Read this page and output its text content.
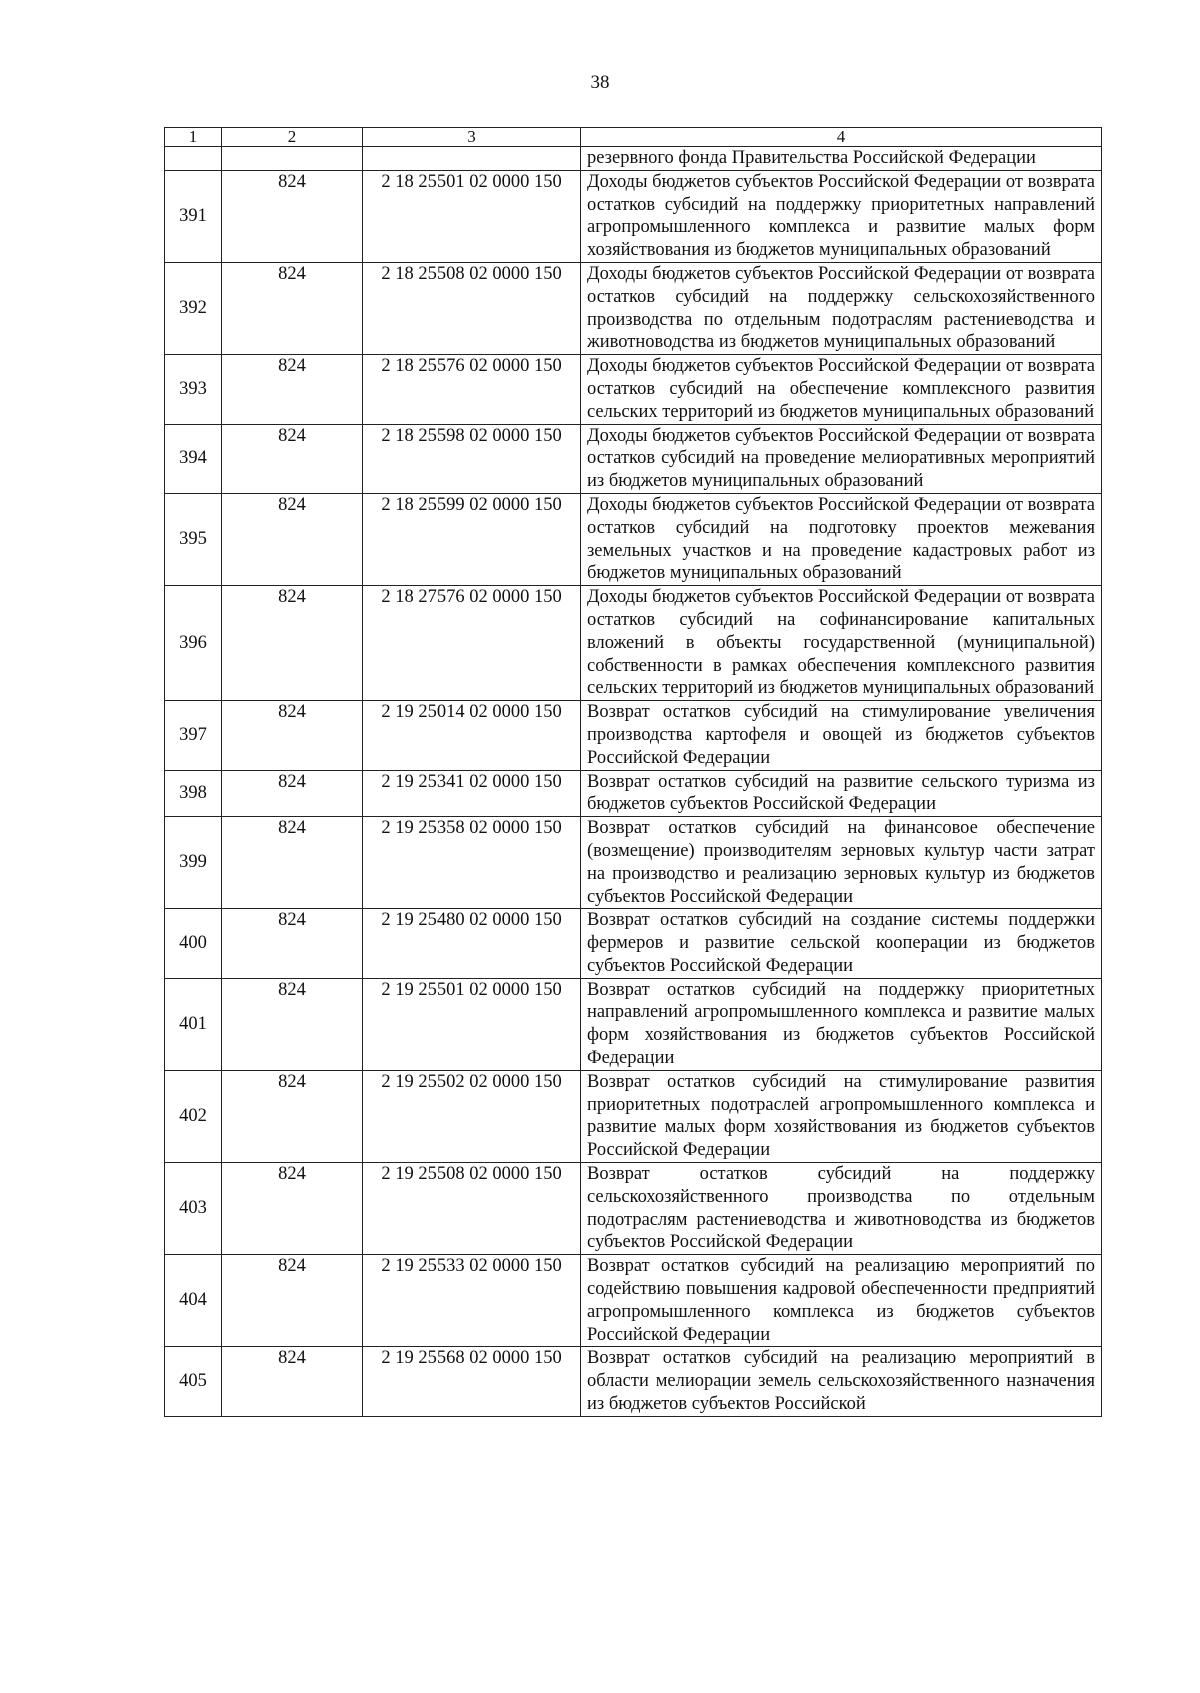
38
1	2	3	4
			резервного фонда Правительства Российской Федерации
391	824	2 18 25501 02 0000 150	Доходы бюджетов субъектов Российской Федерации от возврата остатков субсидий на поддержку приоритетных направлений агропромышленного комплекса и развитие малых форм хозяйствования из бюджетов муниципальных образований
392	824	2 18 25508 02 0000 150	Доходы бюджетов субъектов Российской Федерации от возврата остатков субсидий на поддержку сельскохозяйственного производства по отдельным подотраслям растениеводства и животноводства из бюджетов муниципальных образований
393	824	2 18 25576 02 0000 150	Доходы бюджетов субъектов Российской Федерации от возврата остатков субсидий на обеспечение комплексного развития сельских территорий из бюджетов муниципальных образований
394	824	2 18 25598 02 0000 150	Доходы бюджетов субъектов Российской Федерации от возврата остатков субсидий на проведение мелиоративных мероприятий из бюджетов муниципальных образований
395	824	2 18 25599 02 0000 150	Доходы бюджетов субъектов Российской Федерации от возврата остатков субсидий на подготовку проектов межевания земельных участков и на проведение кадастровых работ из бюджетов муниципальных образований
396	824	2 18 27576 02 0000 150	Доходы бюджетов субъектов Российской Федерации от возврата остатков субсидий на софинансирование капитальных вложений в объекты государственной (муниципальной) собственности в рамках обеспечения комплексного развития сельских территорий из бюджетов муниципальных образований
397	824	2 19 25014 02 0000 150	Возврат остатков субсидий на стимулирование увеличения производства картофеля и овощей из бюджетов субъектов Российской Федерации
398	824	2 19 25341 02 0000 150	Возврат остатков субсидий на развитие сельского туризма из бюджетов субъектов Российской Федерации
399	824	2 19 25358 02 0000 150	Возврат остатков субсидий на финансовое обеспечение (возмещение) производителям зерновых культур части затрат на производство и реализацию зерновых культур из бюджетов субъектов Российской Федерации
400	824	2 19 25480 02 0000 150	Возврат остатков субсидий на создание системы поддержки фермеров и развитие сельской кооперации из бюджетов субъектов Российской Федерации
401	824	2 19 25501 02 0000 150	Возврат остатков субсидий на поддержку приоритетных направлений агропромышленного комплекса и развитие малых форм хозяйствования из бюджетов субъектов Российской Федерации
402	824	2 19 25502 02 0000 150	Возврат остатков субсидий на стимулирование развития приоритетных подотраслей агропромышленного комплекса и развитие малых форм хозяйствования из бюджетов субъектов Российской Федерации
403	824	2 19 25508 02 0000 150	Возврат остатков субсидий на поддержку сельскохозяйственного производства по отдельным подотраслям растениеводства и животноводства из бюджетов субъектов Российской Федерации
404	824	2 19 25533 02 0000 150	Возврат остатков субсидий на реализацию мероприятий по содействию повышения кадровой обеспеченности предприятий агропромышленного комплекса из бюджетов субъектов Российской Федерации
405	824	2 19 25568 02 0000 150	Возврат остатков субсидий на реализацию мероприятий в области мелиорации земель сельскохозяйственного назначения из бюджетов субъектов Российской
